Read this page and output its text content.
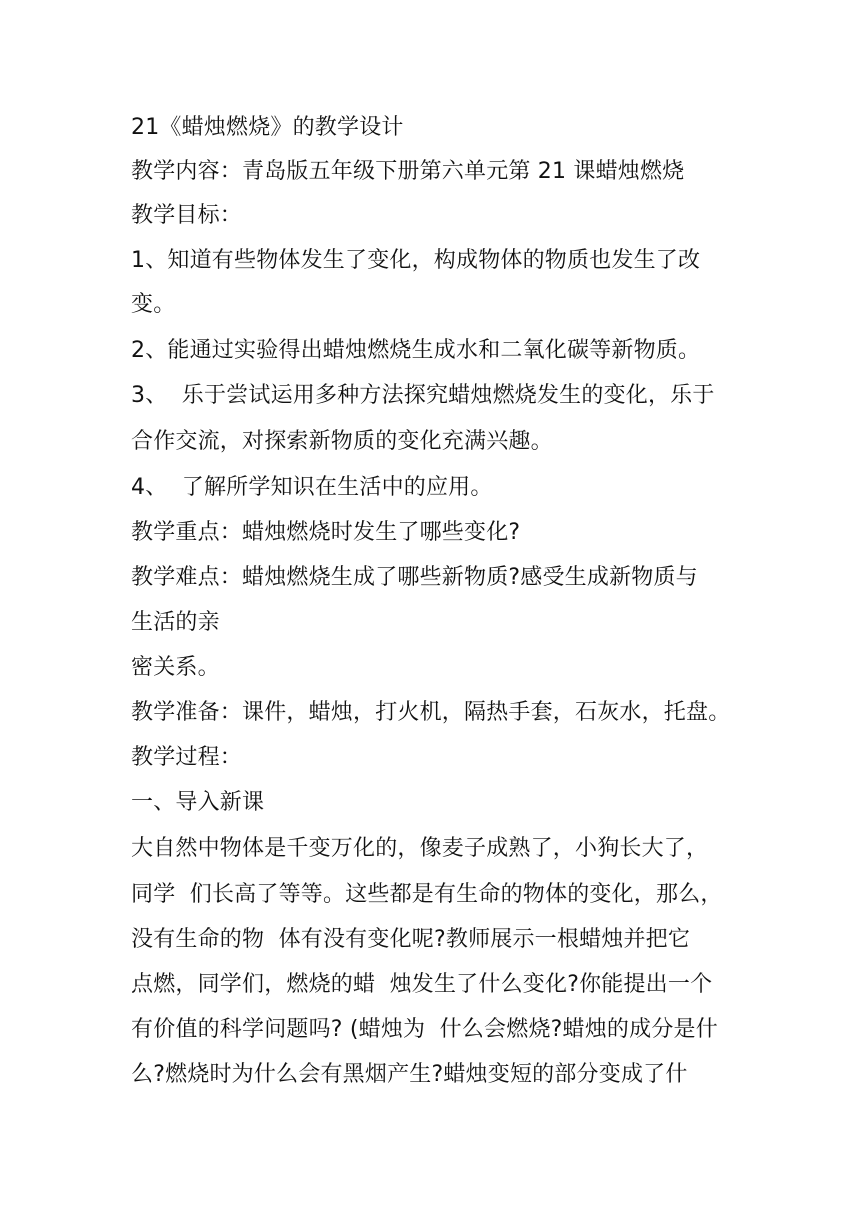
21《蜡烛燃烧》的教学设计
教学内容：青岛版五年级下册第六单元第 21 课蜡烛燃烧
教学目标：
1、知道有些物体发生了变化，构成物体的物质也发生了改
变。
2、能通过实验得出蜡烛燃烧生成水和二氧化碳等新物质。
3、  乐于尝试运用多种方法探究蜡烛燃烧发生的变化，乐于
合作交流，对探索新物质的变化充满兴趣。
4、  了解所学知识在生活中的应用。
教学重点：蜡烛燃烧时发生了哪些变化?
教学难点：蜡烛燃烧生成了哪些新物质?感受生成新物质与
生活的亲
密关系。
教学准备：课件，蜡烛，打火机，隔热手套，石灰水，托盘。
教学过程：
一、导入新课
大自然中物体是千变万化的，像麦子成熟了，小狗长大了，
同学  们长高了等等。这些都是有生命的物体的变化，那么，
没有生命的物  体有没有变化呢?教师展示一根蜡烛并把它
点燃，同学们，燃烧的蜡  烛发生了什么变化?你能提出一个
有价值的科学问题吗? (蜡烛为  什么会燃烧?蜡烛的成分是什
么?燃烧时为什么会有黑烟产生?蜡烛变短的部分变成了什
